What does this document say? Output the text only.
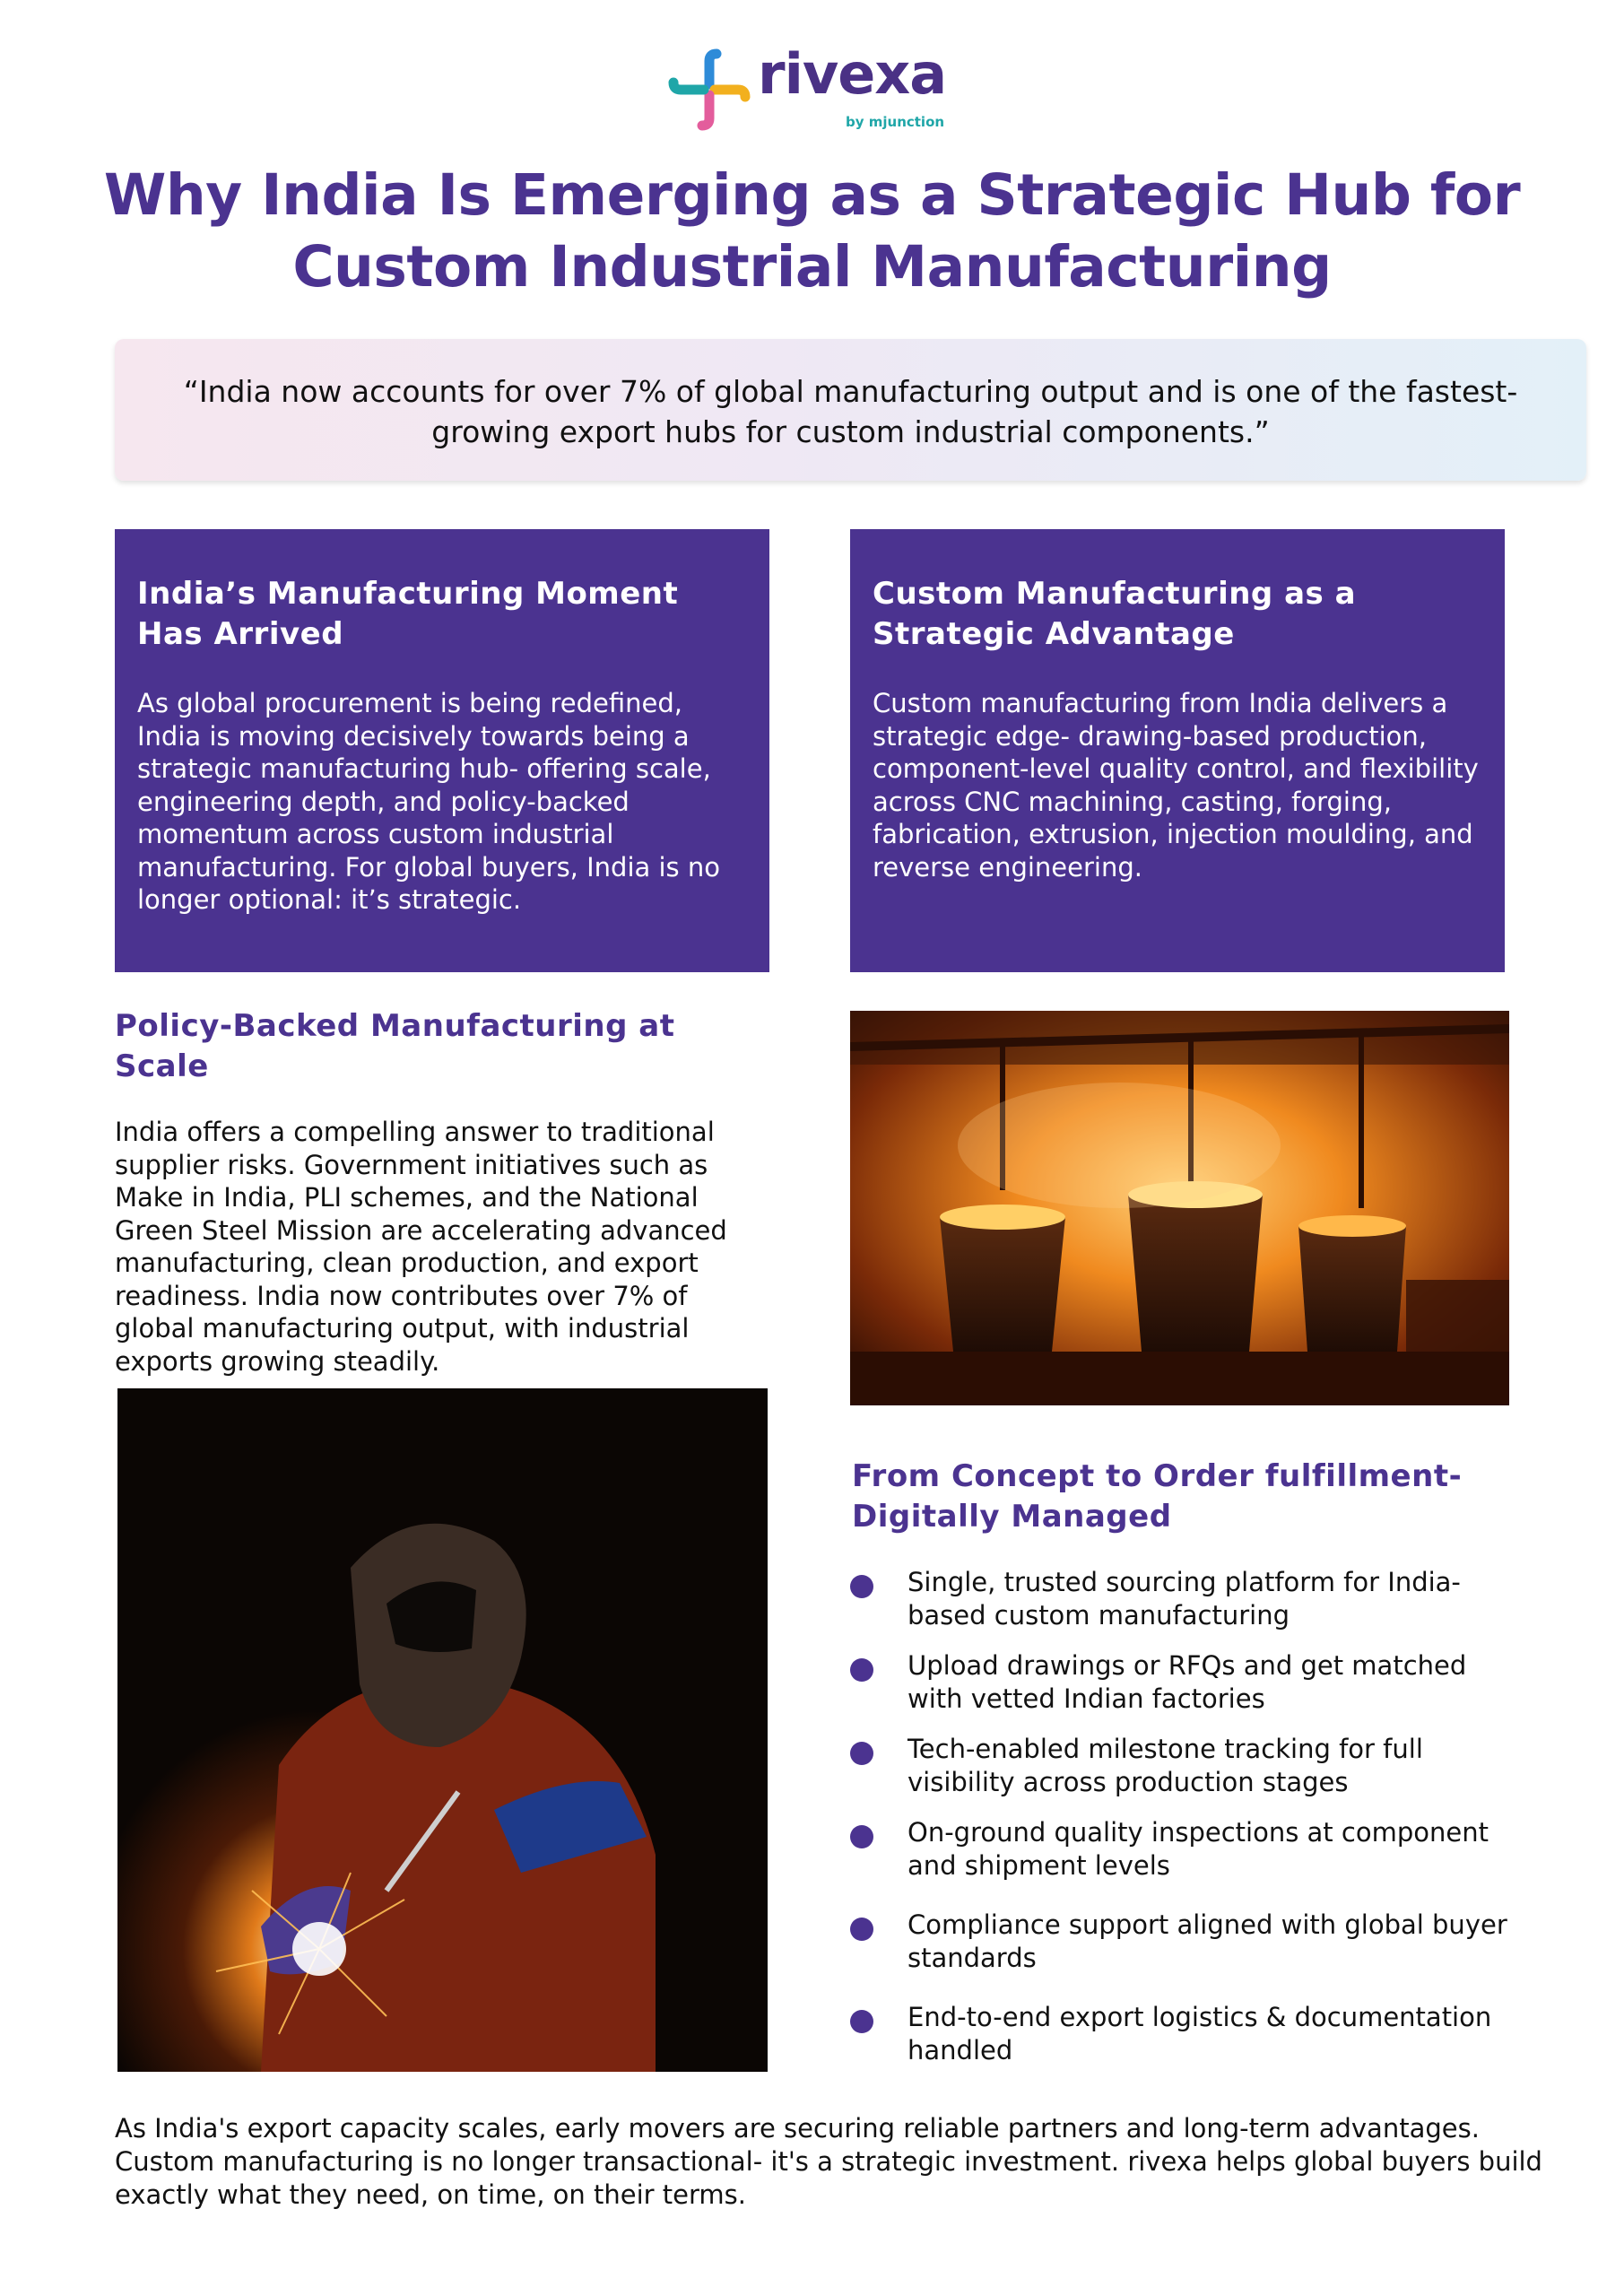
rivexa
by mjunction
Why India Is Emerging as a Strategic Hub for Custom Industrial Manufacturing
“India now accounts for over 7% of global manufacturing output and is one of the fastest-growing export hubs for custom industrial components.”
India’s Manufacturing Moment Has Arrived

As global procurement is being redefined, India is moving decisively towards being a strategic manufacturing hub- offering scale, engineering depth, and policy-backed momentum across custom industrial manufacturing. For global buyers, India is no longer optional: it’s strategic.

Custom Manufacturing as a Strategic Advantage

Custom manufacturing from India delivers a strategic edge- drawing-based production, component-level quality control, and flexibility across CNC machining, casting, forging, fabrication, extrusion, injection moulding, and reverse engineering.

Policy-Backed Manufacturing at Scale

India offers a compelling answer to traditional supplier risks. Government initiatives such as Make in India, PLI schemes, and the National Green Steel Mission are accelerating advanced manufacturing, clean production, and export readiness. India now contributes over 7% of global manufacturing output, with industrial exports growing steadily.

From Concept to Order fulfillment- Digitally Managed
Single, trusted sourcing platform for India-based custom manufacturing
Upload drawings or RFQs and get matched with vetted Indian factories
Tech-enabled milestone tracking for full visibility across production stages
On-ground quality inspections at component and shipment levels
Compliance support aligned with global buyer standards
End-to-end export logistics & documentation handled

As India's export capacity scales, early movers are securing reliable partners and long-term advantages. Custom manufacturing is no longer transactional- it's a strategic investment. rivexa helps global buyers build exactly what they need, on time, on their terms.
